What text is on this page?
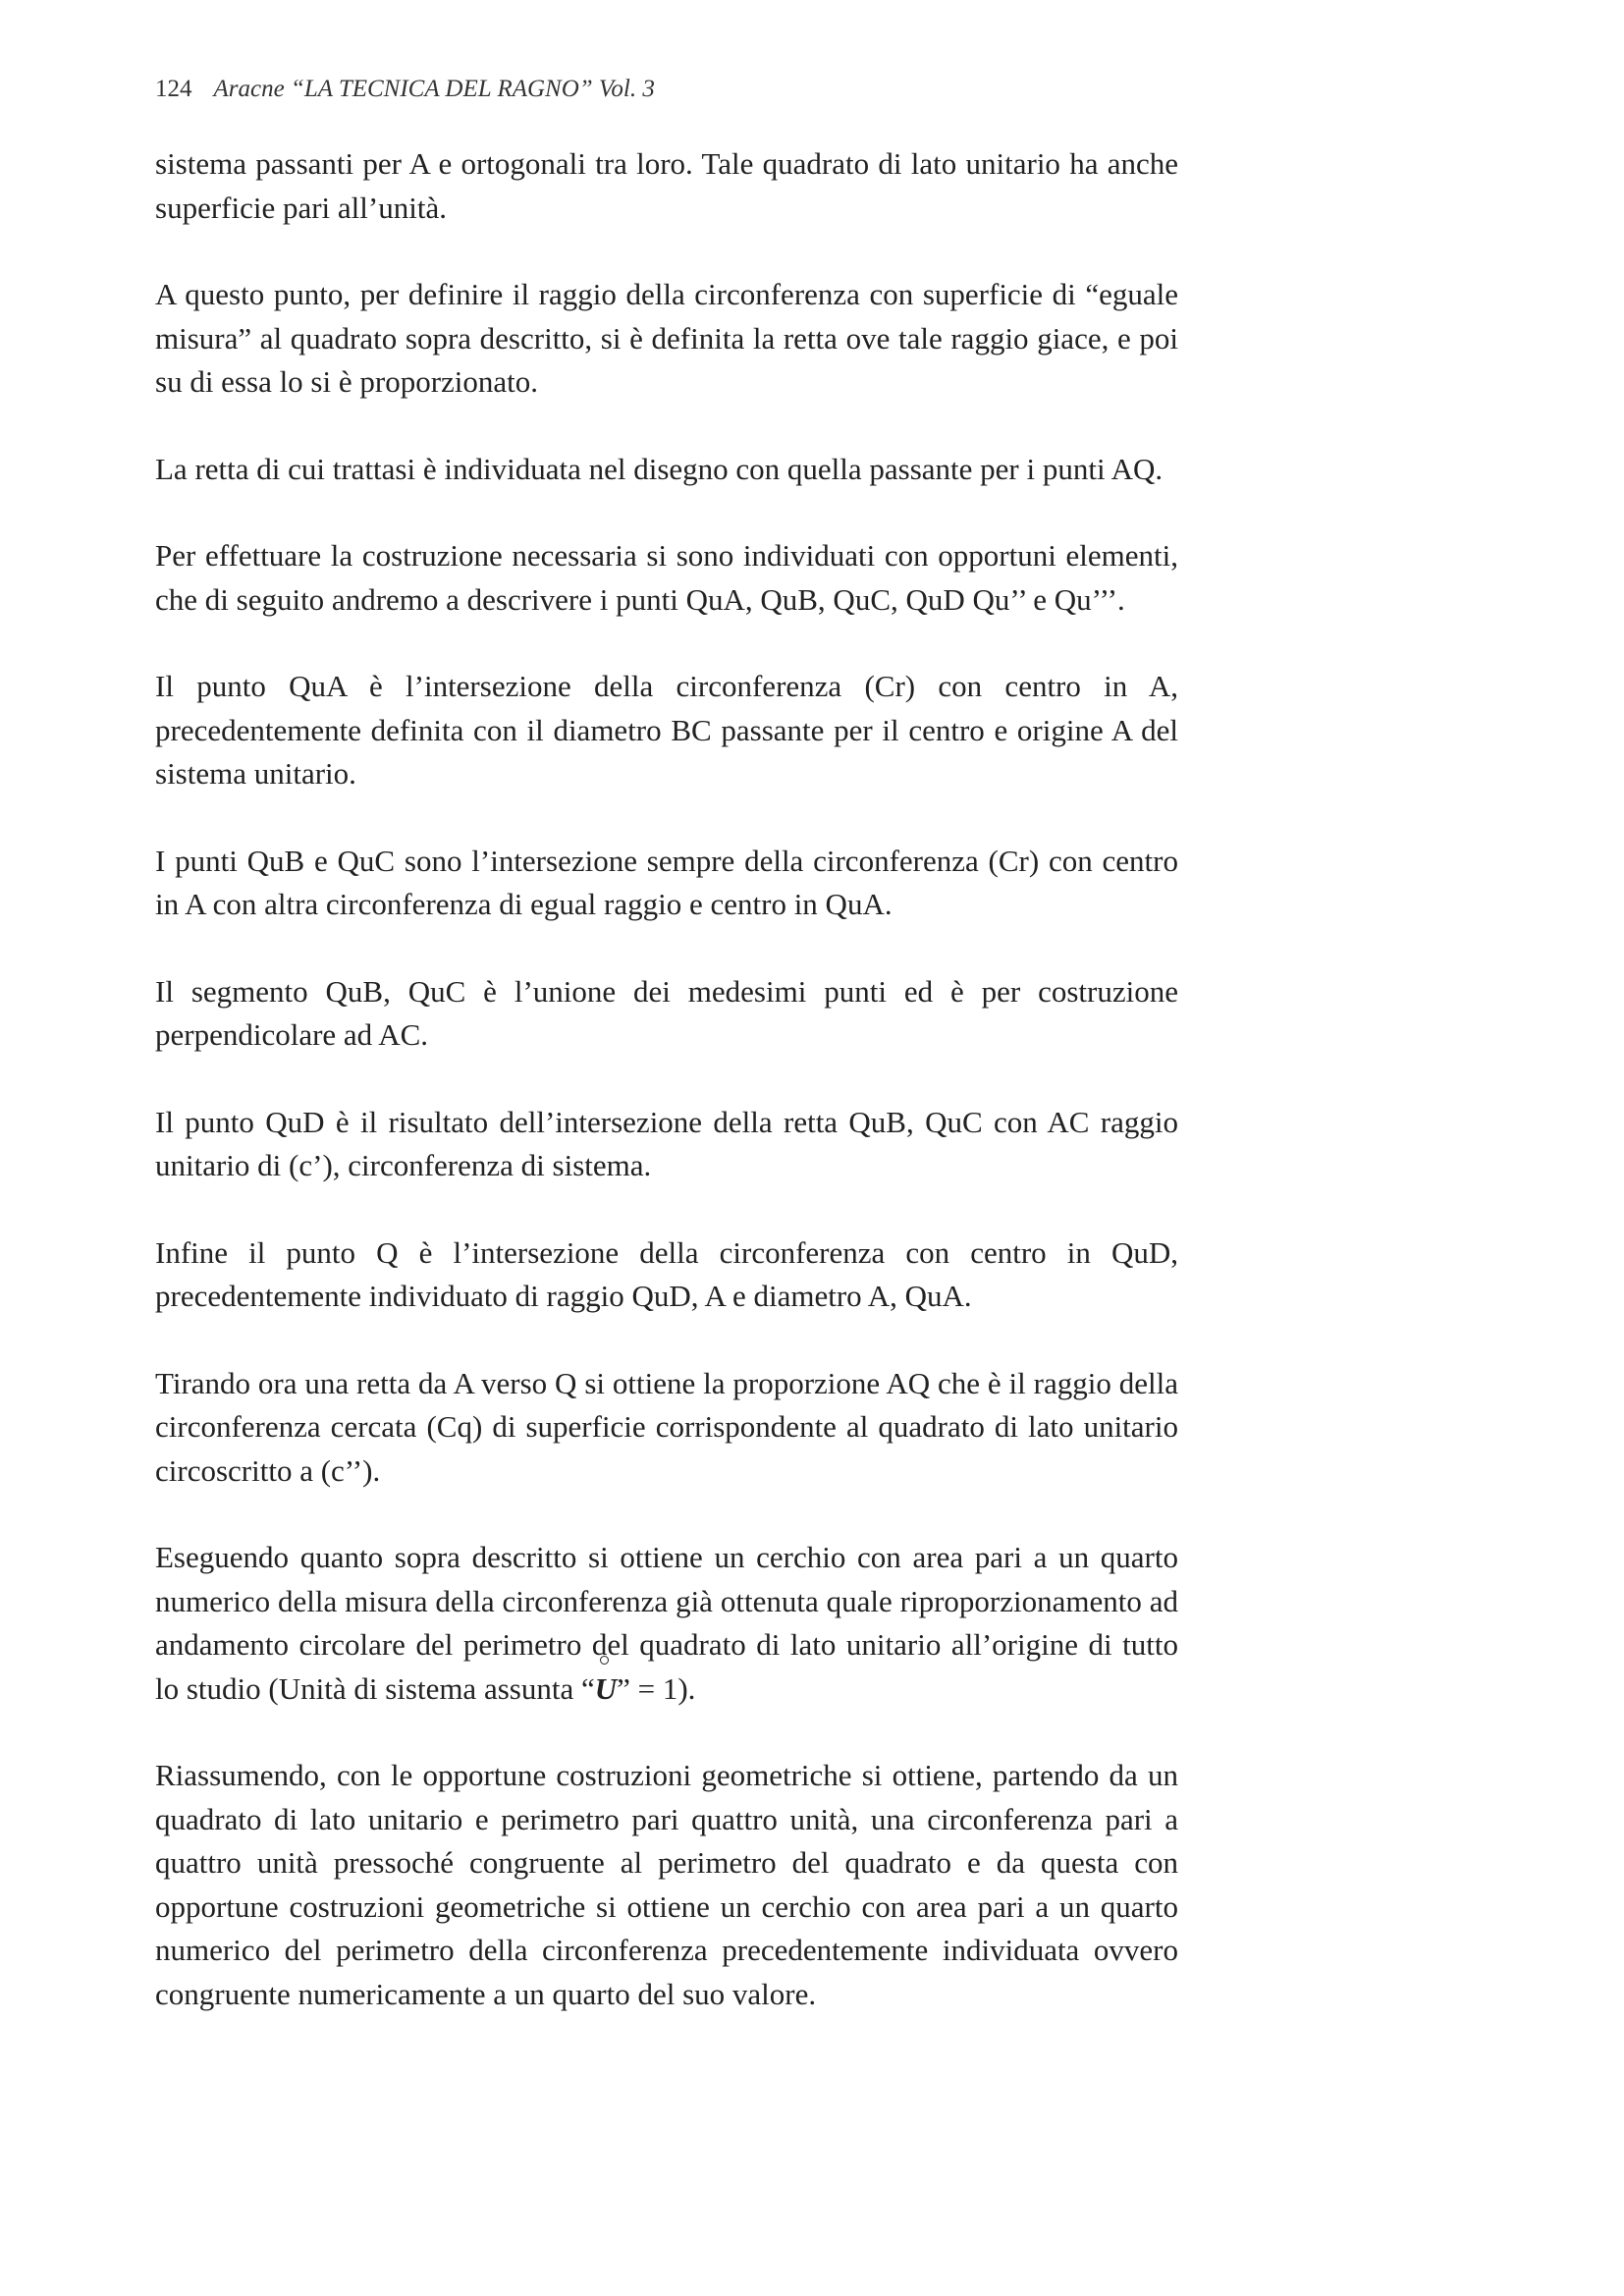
124 Aracne “LA TECNICA DEL RAGNO” Vol. 3

sistema passanti per A e ortogonali tra loro. Tale quadrato di lato unitario ha anche superficie pari all’unità.

A questo punto, per definire il raggio della circonferenza con superficie di “eguale misura” al quadrato sopra descritto, si è definita la retta ove tale raggio giace, e poi su di essa lo si è proporzionato.

La retta di cui trattasi è individuata nel disegno con quella passante per i punti AQ.

Per effettuare la costruzione necessaria si sono individuati con opportuni elementi, che di seguito andremo a descrivere i punti QuA, QuB, QuC, QuD Qu’’ e Qu’’’.

Il punto QuA è l’intersezione della circonferenza (Cr) con centro in A, precedentemente definita con il diametro BC passante per il centro e origine A del sistema unitario.

I punti QuB e QuC sono l’intersezione sempre della circonferenza (Cr) con centro in A con altra circonferenza di egual raggio e centro in QuA.

Il segmento QuB, QuC è l’unione dei medesimi punti ed è per costruzione perpendicolare ad AC.

Il punto QuD è il risultato dell’intersezione della retta QuB, QuC con AC raggio unitario di (c’), circonferenza di sistema.

Infine il punto Q è l’intersezione della circonferenza con centro in QuD, precedentemente individuato di raggio QuD, A e diametro A, QuA.

Tirando ora una retta da A verso Q si ottiene la proporzione AQ che è il raggio della circonferenza cercata (Cq) di superficie corrispondente al quadrato di lato unitario circoscritto a (c’’).

Eseguendo quanto sopra descritto si ottiene un cerchio con area pari a un quarto numerico della misura della circonferenza già ottenuta quale riproporzionamento ad andamento circolare del perimetro del quadrato di lato unitario all’origine di tutto lo studio (Unità di sistema assunta “
U” = 1).

Riassumendo, con le opportune costruzioni geometriche si ottiene, partendo da un quadrato di lato unitario e perimetro pari quattro unità, una circonferenza pari a quattro unità pressoché congruente al perimetro del quadrato e da questa con opportune costruzioni geometriche si ottiene un cerchio con area pari a un quarto numerico del perimetro della circonferenza precedentemente individuata ovvero congruente numericamente a un quarto del suo valore.
